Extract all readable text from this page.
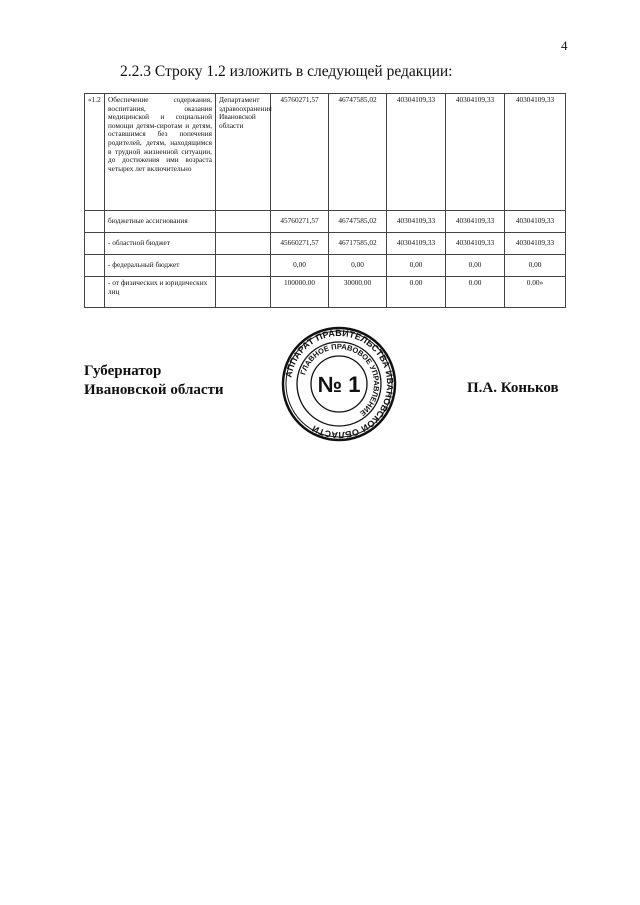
4
2.2.3 Строку 1.2 изложить в следующей редакции:
«1.2	Обеспечение содержания, воспитания, оказания медицинской и социальной помощи детям-сиротам и детям, оставшимся без попечения родителей, детям, находящимся в трудной жизненной ситуации, до достижения ими возраста четырех лет включительно	Департамент здравоохранения Ивановской области	45760271,57	46747585,02	40304109,33	40304109,33	40304109,33
	бюджетные ассигнования		45760271,57	46747585,02	40304109,33	40304109,33	40304109,33
	- областной бюджет		45660271,57	46717585,02	40304109,33	40304109,33	40304109,33
	- федеральный бюджет		0,00	0,00	0,00	0,00	0,00
	- от физических и юридических лиц		100000.00	30000.00	0.00	0.00	0.00»
Губернатор
Ивановской области	П.А. Коньков
АППАРАТ ПРАВИТЕЛЬСТВА ИВАНОВСКОЙ ОБЛАСТИ
ГЛАВНОЕ ПРАВОВОЕ УПРАВЛЕНИЕ
№ 1
